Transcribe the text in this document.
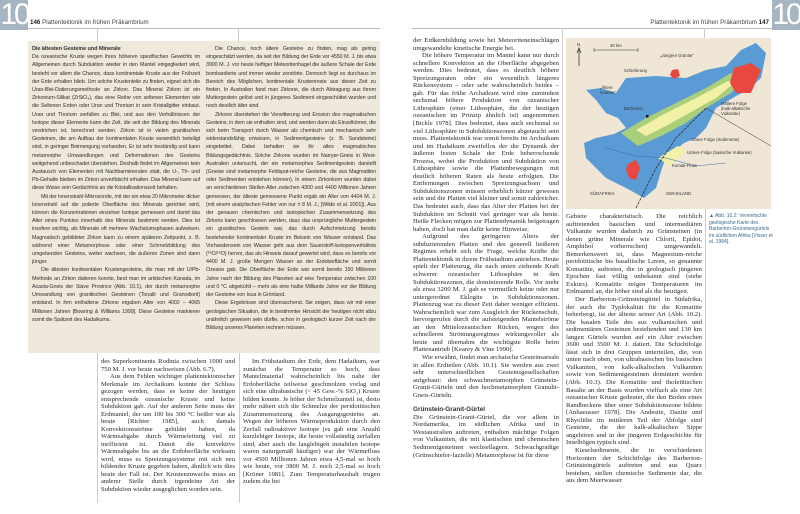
10 146 Plattentektonik im frühen Präkambrium
Die ältesten Gesteine und Minerale

Da ozeanische Kruste wegen ihres höheren spezifischen Gewichts im Allgemeinen durch Subduktion wieder in den Mantel eingegliedert wird, besteht vor allem die Chance, dass kontinentale Kruste aus der Frühzeit der Erde erhalten blieb. Um solche Krustenteile zu finden, eignet sich die Uran-Blei-Datierungsmethode an Zirkon. Das Mineral Zirkon ist ein Zirkonium-Silikat (ZrSiO₄), das eine Reihe von seltenen Elementen wie die Seltenen Erden oder Uran und Thorium in sein Kristallgitter einbaut. Uran und Thorium zerfallen zu Blei, und aus den Verhältnissen der Isotope dieser Elemente kann die Zeit, die seit der Bildung des Minerals verstrichen ist, berechnet werden. Zirkon ist in vielen granitischen Gesteinen, die am Aufbau der kontinentalen Kruste wesentlich beteiligt sind, in geringer Beimengung vorhanden. Er ist sehr beständig und kann metamorphe Umwandlungen und Deformationen des Gesteins weitgehend unbeschadet überstehen. Deshalb findet im Allgemeinen kein Austausch von Elementen mit Nachbarmineralen statt, die U-, Th- und Pb-Gehalte bleiben im Zirkon unverfälscht erhalten. Das Mineral kann auf diese Weise sein Gedächtnis an die Kristallisationszeit behalten.

Mit der Ionenstrahl-Mikrosonde, mit der ein etwa 20 Mikrometer dicker Ionenstrahl auf die polierte Oberfläche des Minerals gerichtet wird, können die Konzentrationen einzelner Isotope gemessen und damit das Alter eines Punktes innerhalb des Minerals bestimmt werden. Dies ist insofern wichtig, als Minerale oft mehrere Wachstumsphasen aufweisen. Magmatisch gebildeter Zirkon kann zu einem späteren Zeitpunkt, z. B. während einer Metamorphose oder einer Schmelzbildung des umgebenden Gesteins, weiter wachsen, die äußeren Zonen sind dann jünger.

Die ältesten kontinentalen Krustengesteine, die man mit der U/Pb-Methode an Zirkon datieren konnte, fand man im arktischen Kanada, im Acasta-Gneis der Slave Province (Abb. 10.1), der durch metamorphe Umwandlung von granitischen Gesteinen (Tonalit und Granodiorit) entstand. In ihm enthaltene Zirkone ergaben Alter von 4002 – 4065 Millionen Jahren [Bowring & Williams 1999]. Diese Gesteine markieren somit die Spätzeit des Hadaikums.

Die Chance, noch ältere Gesteine zu finden, mag als gering eingeschätzt werden, da seit der Bildung der Erde vor 4550 M. J. bis etwa 3900 M. J. vor heute heftiger Meteoritenhagel die äußere Schale der Erde bombardierte und immer wieder zerstörte. Dennoch liegt es durchaus im Bereich des Möglichen, kontinentale Krustenreste aus dieser Zeit zu finden. In Australien fand man Zirkone, die durch Abtragung aus ihrem Muttergestein gelöst und in jüngeres Sediment eingeschüttet wurden und noch deutlich älter sind.

Zirkone überstehen die Verwitterung und Erosion des magmatischen Gesteins, in dem sie enthalten sind, und werden dann als Einzelkörner, die sich beim Transport durch Wasser als chemisch und mechanisch sehr widerstandsfähig erweisen, in Sedimentgesteine (z. B. Sandsteine) eingebettet. Dabei behalten sie ihr altes magmatisches Bildungsgedächtnis. Solche Zirkone wurden im Narryer-Gneis in West-Australien untersucht, der ein metamorphes Sedimentgestein darstellt (Gneise sind metamorphe Feldspat-reiche Gesteine, die aus Magmatiten oder Sedimenten entstehen können). In einem Zirkonkorn wurden dabei an verschiedenen Stellen Alter zwischen 4300 und 4400 Millionen Jahren gemessen, der älteste gemessene Punkt ergab ein Alter von 4404 M. J. (mit einem analytischen Fehler von nur ± 8 M. J.; [Wilde et al. 2001]). Aus der genauen chemischen und isotopischen Zusammensetzung des Zirkons kann geschlossen werden, dass das ursprüngliche Muttergestein ein granitisches Gestein war, das durch Aufschmelzung bereits bestehender kontinentaler Kruste im Beisein von Wasser entstand. Das Vorhandensein von Wasser geht aus dem Sauerstoff-Isotopenverhältnis (¹⁸O/¹⁶O) hervor, das als Hinweis darauf gewertet wird, dass es bereits vor 4400 M. J. große Mengen Wasser an der Erdoberfläche und somit Ozeane gab. Die Oberfläche der Erde war somit bereits 150 Millionen Jahre nach der Bildung des Planeten auf eine Temperatur zwischen 100 und 0 °C abgekühlt – mehr als eine halbe Milliarde Jahre vor der Bildung der Gesteine von Isua in Grönland.

Diese Ergebnisse sind überraschend. Sie zeigen, dass wir mit einer geologischen Situation, die in bestimmter Hinsicht der heutigen nicht allzu unähnlich gewesen sein dürfte, schon in geologisch kurzer Zeit nach der Bildung unseres Planeten rechnen müssen.

des Superkontinents Rodinia zwischen 1000 und 750 M. J. vor heute nachweisen (Abb. 6.7).

Aus dem Fehlen wichtiger plattentektonischer Merkmale im Archaikum konnte der Schluss gezogen werden, dass es keine der heutigen entsprechende ozeanische Kruste und keine Subduktion gab. Auf der anderen Seite muss der Erdmantel, der um 100 bis 300 °C heißer war als heute [Richter 1985], auch damals Konvektionsströme gebildet haben, da Wärmeabgabe durch Wärmeleitung viel zu ineffizient ist. Damit die konvektive Wärmeabgabe bis an die Erdoberfläche wirksam wird, muss es Spreizungssysteme mit sich neu bildender Kruste gegeben haben, ähnlich wie dies heute der Fall ist. Der Krustenzuwachs muss an anderer Stelle durch irgendeine Art der Subduktion wieder ausgeglichen worden sein.

Im Frühstadium der Erde, dem Hadaikum, war zunächst die Temperatur so hoch, dass Mantelmaterial wahrscheinlich bis nahe der Erdoberfläche teilweise geschmolzen vorlag und sich eine ultrabasische (< 45 Gew.-% SiO₂) Kruste bilden konnte. Je höher der Schmelzanteil ist, desto mehr nähert sich die Schmelze der peridotitischen Zusammensetzung des Ausgangsgesteins an. Wegen der höheren Wärmeproduktion durch den Zerfall radioaktiver Isotope (es gab eine Anzahl kurzlebiger Isotope, die heute vollständig zerfallen sind, aber auch die langlebigen instabilen Isotope waren naturgemäß häufiger) war der Wärmefluss vor 4500 Millionen Jahren etwa 4,5-mal so hoch wie heute, vor 3800 M. J. noch 2,5-mal so hoch [Kröner 1981]. Zum Temperaturhaushalt trugen zudem die bei

10
Plattentektonik im frühen Präkambrium 147

der Erdkernbildung sowie bei Meteoriteneinschlägen umgewandelte kinetische Energie bei.

Die höhere Temperatur im Mantel kann nur durch schnellere Konvektion an die Oberfläche abgegeben werden. Dies bedeutet, dass es deutlich höhere Spreizungsraten oder ein wesentlich längeres Rückensystem – oder sehr wahrscheinlich beides – gab. Für das frühe Archaikum wird eine zumindest sechsmal höhere Produktion von ozeanischer Lithosphäre (einer Lithosphäre, die der heutigen ozeanischen im Prinzip ähnlich ist) angenommen [Bickle 1978]. Dies bedeutet, dass auch sechsmal so viel Lithosphäre in Subduktionszonen abgetaucht sein muss. Plattentektonik war somit bereits im Archaikum und im Hadaikum zweifellos der die Dynamik der äußeren festen Schale der Erde beherrschende Prozess, wobei die Produktion und Subduktion von Lithosphäre sowie die Plattenbewegungen mit deutlich höheren Raten als heute erfolgten. Die Entfernungen zwischen Spreizungsachsen und Subduktionszonen müssen erheblich kürzer gewesen sein und die Platten viel kleiner und somit zahlreicher. Das bedeutet auch, dass das Alter der Platten bei der Subduktion im Schnitt viel geringer war als heute. Heiße Flecken mögen zur Plattendynamik beigetragen haben, doch hat man dafür keine Hinweise.

Aufgrund des geringeren Alters der subduzierenden Platten und des generell heißeren Regimes erhebt sich die Frage, welche Kräfte die Plattentektonik in ihrem Frühstadium antrieben. Heute spielt der Plattenzug, die nach unten ziehende Kraft schwerer ozeanischer Lithosphäre in den Subduktionszonen, die dominierende Rolle. Vor mehr als etwa 3200 M. J. gab es vermutlich keine oder nur untergeordnet Eklogite in Subduktionszonen. Plattenzug war zu dieser Zeit daher weniger effizient. Wahrscheinlich war zum Ausgleich der Rückenschub, hervorgerufen durch die aufsteigenden Mantelströme an den Mittelozeanischen Rücken, wegen des schnelleren Strömungsregimes wirkungsvoller als heute und übernahm die wichtigste Rolle beim Plattenantrieb [Kearey & Vine 1990].

Wie erwähnt, findet man archaische Gesteinsareale in allen Erdteilen (Abb. 10.1). Sie werden aus zwei sehr unterschiedlichen Gesteinsgesellschaften aufgebaut: den schwachmetamorphen Grünstein-Granit-Gürteln und den hochmetamorphen Granulit-Gneis-Gürteln.

Grünstein-Granit-Gürtel

Die Grünstein-Granit-Gürtel, die vor allem in Nordamerika, im südlichen Afrika und in Westaustralien auftreten, enthalten mächtige Folgen von Vulkaniten, die mit klastischen und chemischen Sedimentgesteinen wechsellagern. Schwachgradige (Grünschiefer-fazielle) Metamorphose ist für diese

N	30 km
„Jüngere Granite“
Schieferung
„Ältere
Granite“
Barberton
Mittlere Folge
(kalk-alkalische
Vulkanite)
Obere Folge (Sedimente)
Untere Folge (basische Vulkanite)
Komati-Fluss
SÜDAFRIKA	SWASILAND
▲ Abb. 10.2: Vereinfachte geologische Karte des Barberton-Grünsteingürtels im südlichen Afrika [Visser et al. 1984].

Gebiete charakteristisch. Die reichlich auftretenden basischen und intermediären Vulkanite wurden dadurch zu Grünsteinen (in denen grüne Minerale wie Chlorit, Epidot, Amphibol vorherrschen) umgewandelt. Bemerkenswert ist, dass Magnesium-reiche peridotitische bis basaltische Laven, so genannte Komatiite, auftreten, die in geologisch jüngeren Epochen fast völlig unbekannt sind (siehe Exkurs). Komatiite zeigen Temperaturen im Erdmantel an, die höher sind als die heutigen.

Der Barberton-Grünsteingürtel in Südafrika, der auch die Typlokalität für die Komatiite beherbergt, ist der älteste seiner Art (Abb. 10.2). Die basalen Teile des aus vulkanischen und sedimentären Gesteinen bestehenden und 130 km langen Gürtels wurden auf ein Alter zwischen 3600 und 3500 M. J. datiert. Die Schichtfolge lässt sich in drei Gruppen unterteilen, die, von unten nach oben, von ultrabasischen bis basischen Vulkaniten, von kalk-alkalischen Vulkaniten sowie von Sedimentgesteinen dominiert werden (Abb. 10.3). Die Komatiite und tholeiitischen Basalte an der Basis wurden vielfach als eine Art ozeanischer Kruste gedeutet, die den Boden eines Randbeckens über einer Subduktionszone bildete [Anhaeusser 1978]. Die Andesite, Dazite und Rhyolithe im mittleren Teil der Abfolge sind Gesteine, die der kalk-alkalischen Sippe angehören und in der jüngeren Erdgeschichte für Inselbögen typisch sind.

Kieselsedimente, die in verschiedenen Horizonten der Schichtfolge des Barberton-Grünsteingürtels auftreten und aus Quarz bestehen, stellen chemische Sedimente dar, die aus dem Meerwasser
